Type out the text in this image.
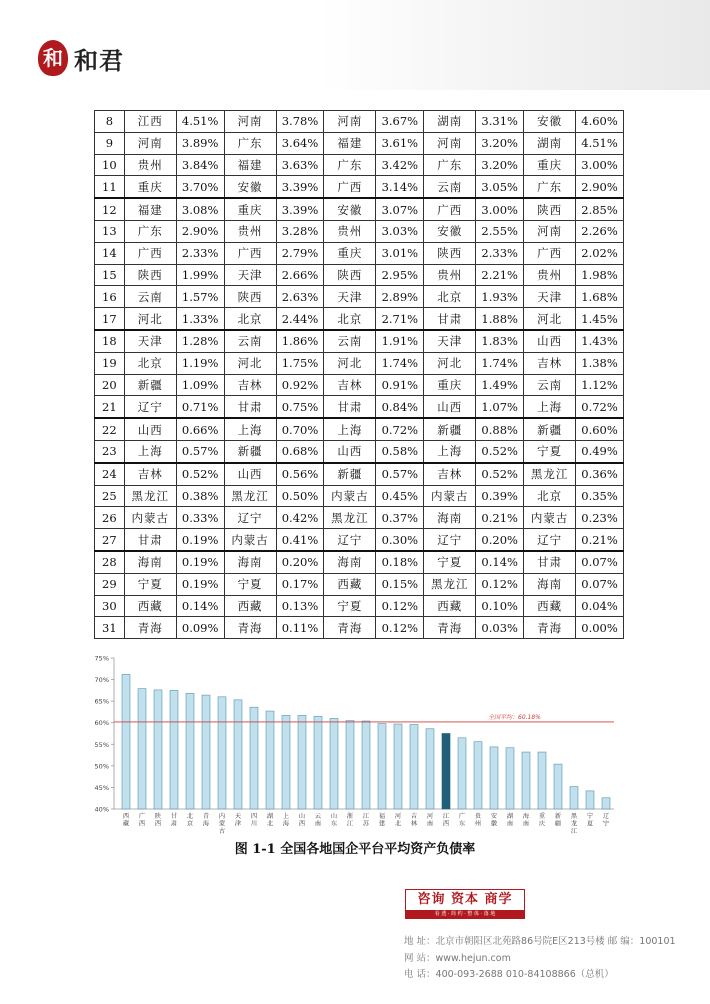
和 和君
8	江西	4.51%	河南	3.78%	河南	3.67%	湖南	3.31%	安徽	4.60%
9	河南	3.89%	广东	3.64%	福建	3.61%	河南	3.20%	湖南	4.51%
10	贵州	3.84%	福建	3.63%	广东	3.42%	广东	3.20%	重庆	3.00%
11	重庆	3.70%	安徽	3.39%	广西	3.14%	云南	3.05%	广东	2.90%
12	福建	3.08%	重庆	3.39%	安徽	3.07%	广西	3.00%	陕西	2.85%
13	广东	2.90%	贵州	3.28%	贵州	3.03%	安徽	2.55%	河南	2.26%
14	广西	2.33%	广西	2.79%	重庆	3.01%	陕西	2.33%	广西	2.02%
15	陕西	1.99%	天津	2.66%	陕西	2.95%	贵州	2.21%	贵州	1.98%
16	云南	1.57%	陕西	2.63%	天津	2.89%	北京	1.93%	天津	1.68%
17	河北	1.33%	北京	2.44%	北京	2.71%	甘肃	1.88%	河北	1.45%
18	天津	1.28%	云南	1.86%	云南	1.91%	天津	1.83%	山西	1.43%
19	北京	1.19%	河北	1.75%	河北	1.74%	河北	1.74%	吉林	1.38%
20	新疆	1.09%	吉林	0.92%	吉林	0.91%	重庆	1.49%	云南	1.12%
21	辽宁	0.71%	甘肃	0.75%	甘肃	0.84%	山西	1.07%	上海	0.72%
22	山西	0.66%	上海	0.70%	上海	0.72%	新疆	0.88%	新疆	0.60%
23	上海	0.57%	新疆	0.68%	山西	0.58%	上海	0.52%	宁夏	0.49%
24	吉林	0.52%	山西	0.56%	新疆	0.57%	吉林	0.52%	黑龙江	0.36%
25	黑龙江	0.38%	黑龙江	0.50%	内蒙古	0.45%	内蒙古	0.39%	北京	0.35%
26	内蒙古	0.33%	辽宁	0.42%	黑龙江	0.37%	海南	0.21%	内蒙古	0.23%
27	甘肃	0.19%	内蒙古	0.41%	辽宁	0.30%	辽宁	0.20%	辽宁	0.21%
28	海南	0.19%	海南	0.20%	海南	0.18%	宁夏	0.14%	甘肃	0.07%
29	宁夏	0.19%	宁夏	0.17%	西藏	0.15%	黑龙江	0.12%	海南	0.07%
30	西藏	0.14%	西藏	0.13%	宁夏	0.12%	西藏	0.10%	西藏	0.04%
31	青海	0.09%	青海	0.11%	青海	0.12%	青海	0.03%	青海	0.00%
40%
45%
50%
55%
60%
65%
70%
75%
西
藏
广
西
陕
西
甘
肃
北
京
青
海
内
蒙
古
天
津
四
川
湖
北
上
海
山
西
云
南
山
东
浙
江
江
苏
福
建
河
北
吉
林
河
南
江
西
广
东
贵
州
安
徽
湖
南
海
南
重
庆
新
疆
黑
龙
江
宁
夏
辽
宁
全国平均：60.18%
图 1-1 全国各地国企平台平均资产负债率
咨询 资本 商学
看 透 · 简 约 · 整 体 · 落 地
地 址：北京市朝阳区北苑路86号院E区213号楼 邮 编：100101
网 站：www.hejun.com
电 话：400-093-2688 010-84108866（总机）
